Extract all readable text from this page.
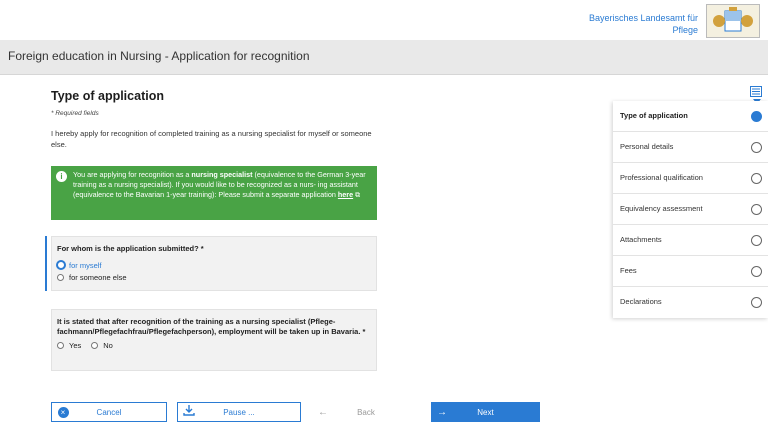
Bayerisches Landesamt für
Pflege
Foreign education in Nursing - Application for recognition
Type of application
* Required fields
I hereby apply for recognition of completed training as a nursing specialist for myself or someone else.
i	You are applying for recognition as a nursing specialist (equivalence to the German 3-year training as a nursing specialist). If you would like to be recognized as a nurs- ing assistant (equivalence to the Bavarian 1-year training): Please submit a separate application here ⧉
For whom is the application submitted? *
for myself
for someone else
It is stated that after recognition of the training as a nursing specialist (Pflege- fachmann/Pflegefachfrau/Pflegefachperson), employment will be taken up in Bavaria. *
Yes	No
×	Cancel	Pause ...	←	Back	→	Next
Type of application
Personal details
Professional qualification
Equivalency assessment
Attachments
Fees
Declarations
